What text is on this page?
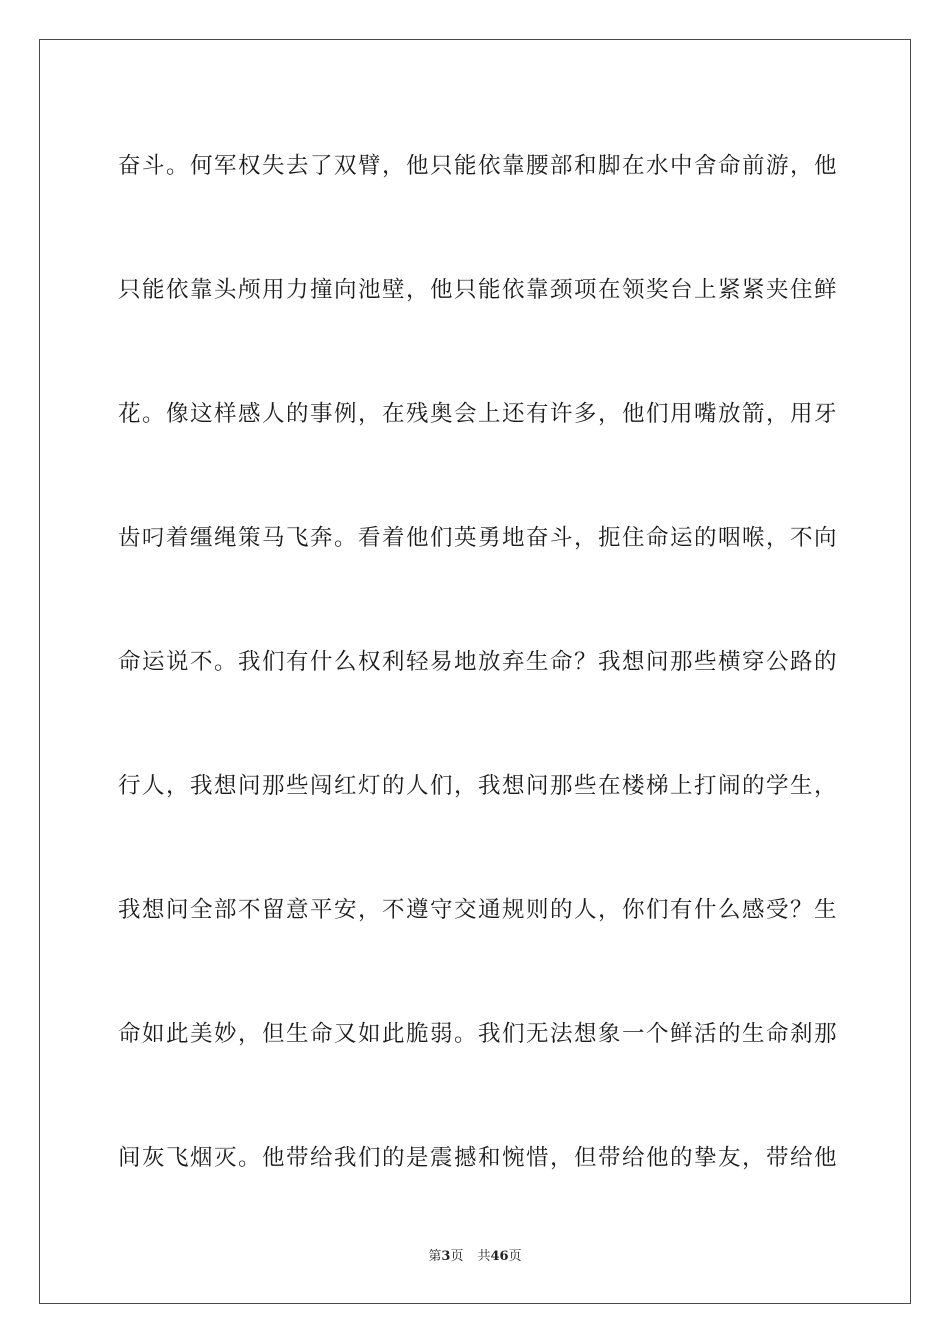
奋斗。何军权失去了双臂，他只能依靠腰部和脚在水中舍命前游，他
只能依靠头颅用力撞向池壁，他只能依靠颈项在领奖台上紧紧夹住鲜
花。像这样感人的事例，在残奥会上还有许多，他们用嘴放箭，用牙
齿叼着缰绳策马飞奔。看着他们英勇地奋斗，扼住命运的咽喉，不向
命运说不。我们有什么权利轻易地放弃生命？我想问那些横穿公路的
行人，我想问那些闯红灯的人们，我想问那些在楼梯上打闹的学生，
我想问全部不留意平安，不遵守交通规则的人，你们有什么感受？生
命如此美妙，但生命又如此脆弱。我们无法想象一个鲜活的生命刹那
间灰飞烟灭。他带给我们的是震撼和惋惜，但带给他的挚友，带给他
第3页 共46页
